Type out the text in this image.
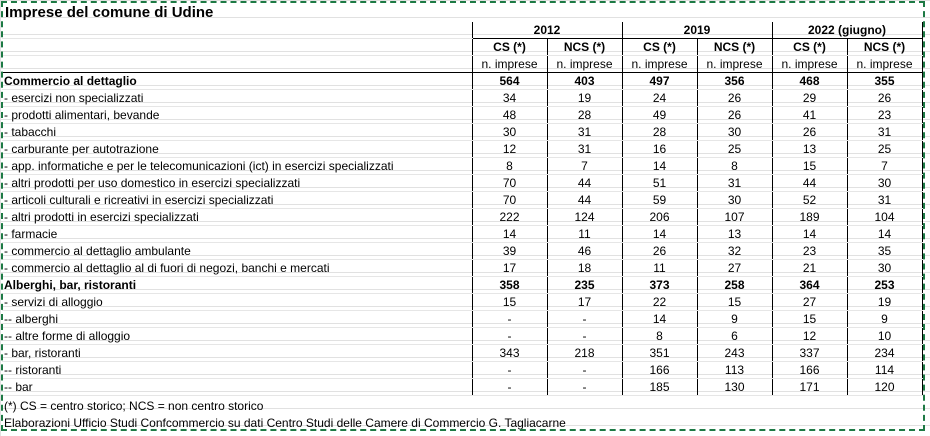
Imprese del comune di Udine
	2012		2019		2022 (giugno)	
	CS (*)	NCS (*)	CS (*)	NCS (*)	CS (*)	NCS (*)
	n. imprese	n. imprese	n. imprese	n. imprese	n. imprese	n. imprese
Commercio al dettaglio	564	403	497	356	468	355
- esercizi non specializzati	34	19	24	26	29	26
- prodotti alimentari, bevande	48	28	49	26	41	23
- tabacchi	30	31	28	30	26	31
- carburante per autotrazione	12	31	16	25	13	25
- app. informatiche e per le telecomunicazioni (ict) in esercizi specializzati	8	7	14	8	15	7
- altri prodotti per uso domestico in esercizi specializzati	70	44	51	31	44	30
- articoli culturali e ricreativi in esercizi specializzati	70	44	59	30	52	31
- altri prodotti in esercizi specializzati	222	124	206	107	189	104
- farmacie	14	11	14	13	14	14
- commercio al dettaglio ambulante	39	46	26	32	23	35
- commercio al dettaglio al di fuori di negozi, banchi e mercati	17	18	11	27	21	30
Alberghi, bar, ristoranti	358	235	373	258	364	253
- servizi di alloggio	15	17	22	15	27	19
-- alberghi	-	-	14	9	15	9
-- altre forme di alloggio	-	-	8	6	12	10
- bar, ristoranti	343	218	351	243	337	234
-- ristoranti	-	-	166	113	166	114
-- bar	-	-	185	130	171	120
(*) CS = centro storico; NCS = non centro storico
Elaborazioni Ufficio Studi Confcommercio su dati Centro Studi delle Camere di Commercio G. Tagliacarne
